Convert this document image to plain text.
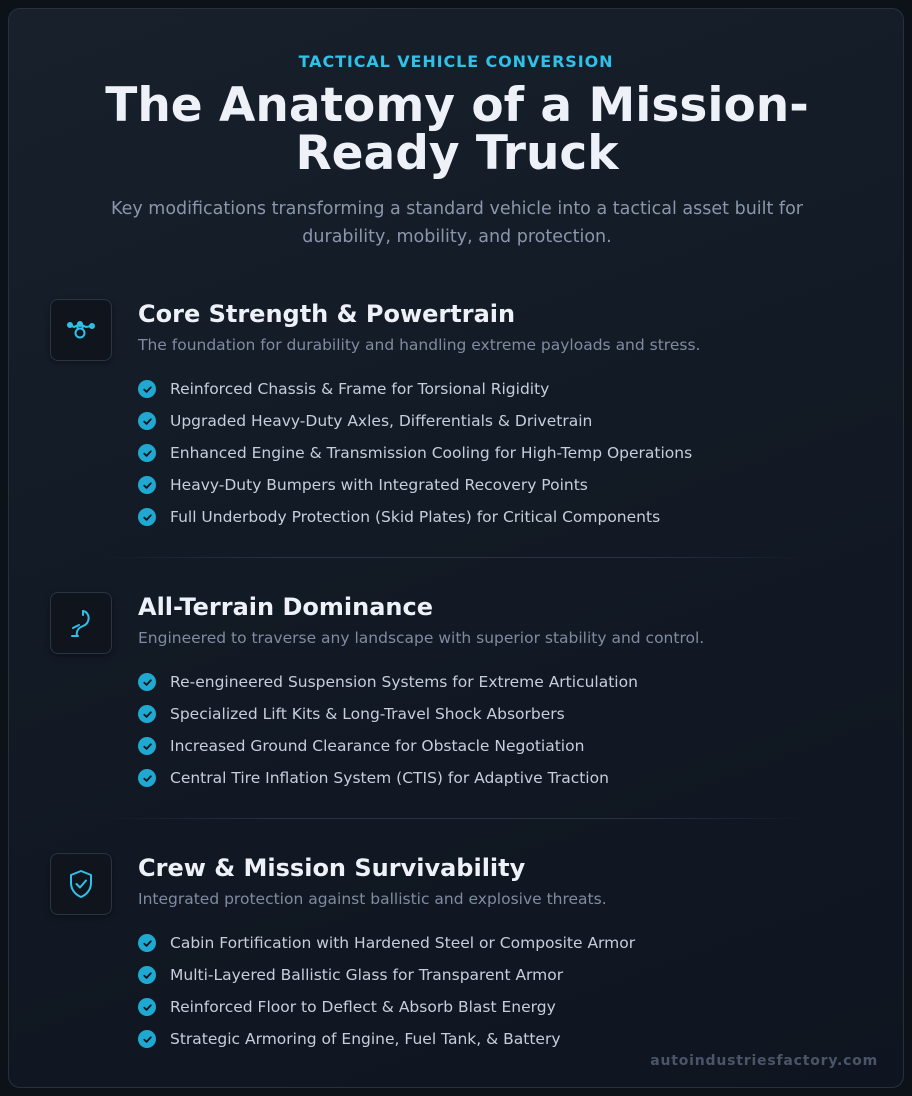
TACTICAL VEHICLE CONVERSION
The Anatomy of a Mission-Ready Truck
Key modifications transforming a standard vehicle into a tactical asset built for durability, mobility, and protection.
Core Strength & Powertrain
The foundation for durability and handling extreme payloads and stress.
Reinforced Chassis & Frame for Torsional Rigidity
Upgraded Heavy-Duty Axles, Differentials & Drivetrain
Enhanced Engine & Transmission Cooling for High-Temp Operations
Heavy-Duty Bumpers with Integrated Recovery Points
Full Underbody Protection (Skid Plates) for Critical Components
All-Terrain Dominance
Engineered to traverse any landscape with superior stability and control.
Re-engineered Suspension Systems for Extreme Articulation
Specialized Lift Kits & Long-Travel Shock Absorbers
Increased Ground Clearance for Obstacle Negotiation
Central Tire Inflation System (CTIS) for Adaptive Traction
Crew & Mission Survivability
Integrated protection against ballistic and explosive threats.
Cabin Fortification with Hardened Steel or Composite Armor
Multi-Layered Ballistic Glass for Transparent Armor
Reinforced Floor to Deflect & Absorb Blast Energy
Strategic Armoring of Engine, Fuel Tank, & Battery
autoindustriesfactory.com
